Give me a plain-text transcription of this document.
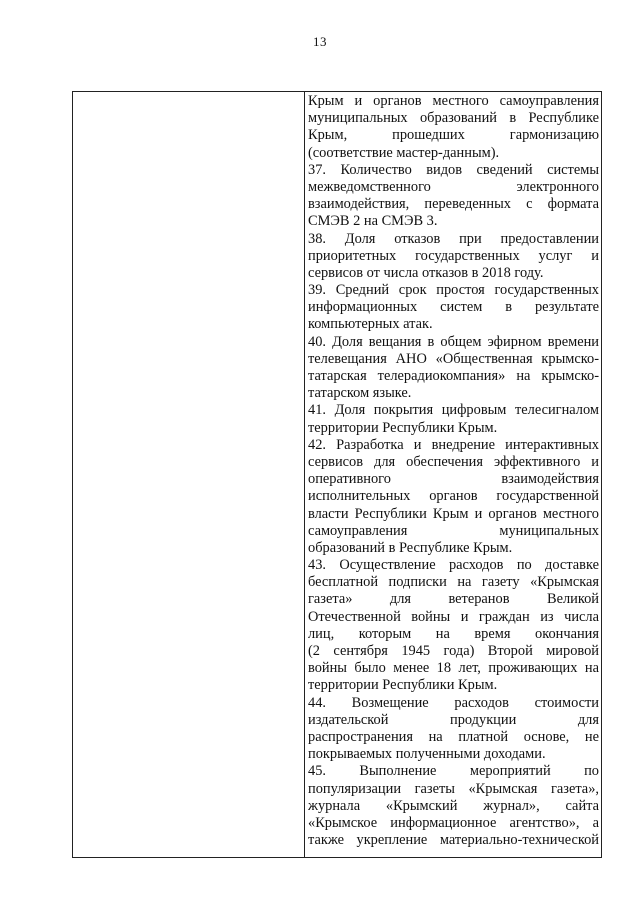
13
Крым и органов местного самоуправления
муниципальных образований в Республике
Крым, прошедших гармонизацию
(соответствие мастер-данным).
37. Количество видов сведений системы
межведомственного электронного
взаимодействия, переведенных с формата
СМЭВ 2 на СМЭВ 3.
38. Доля отказов при предоставлении
приоритетных государственных услуг и
сервисов от числа отказов в 2018 году.
39. Средний срок простоя государственных
информационных систем в результате
компьютерных атак.
40. Доля вещания в общем эфирном времени
телевещания АНО «Общественная крымско-
татарская телерадиокомпания» на крымско-
татарском языке.
41. Доля покрытия цифровым телесигналом
территории Республики Крым.
42. Разработка и внедрение интерактивных
сервисов для обеспечения эффективного и
оперативного взаимодействия
исполнительных органов государственной
власти Республики Крым и органов местного
самоуправления муниципальных
образований в Республике Крым.
43. Осуществление расходов по доставке
бесплатной подписки на газету «Крымская
газета» для ветеранов Великой
Отечественной войны и граждан из числа
лиц, которым на время окончания
(2 сентября 1945 года) Второй мировой
войны было менее 18 лет, проживающих на
территории Республики Крым.
44. Возмещение расходов стоимости
издательской продукции для
распространения на платной основе, не
покрываемых полученными доходами.
45. Выполнение мероприятий по
популяризации газеты «Крымская газета»,
журнала «Крымский журнал», сайта
«Крымское информационное агентство», а
также укрепление материально-технической
